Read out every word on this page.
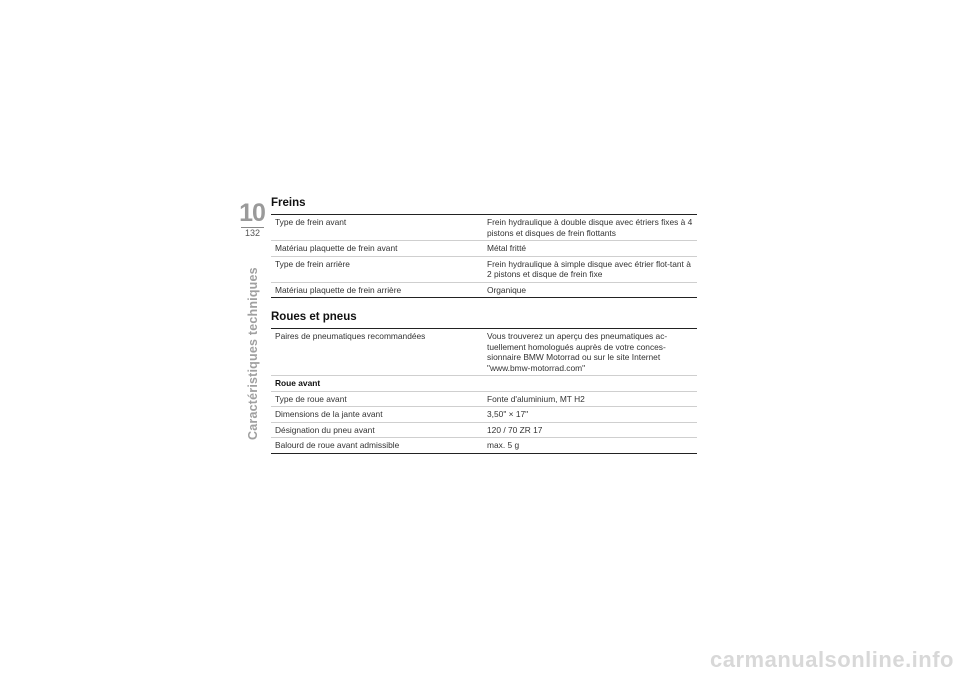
10
132
Caractéristiques techniques
Freins
Type de frein avant	Frein hydraulique à double disque avec étriers fixes à 4 pistons et disques de frein flottants
Matériau plaquette de frein avant	Métal fritté
Type de frein arrière	Frein hydraulique à simple disque avec étrier flot-tant à 2 pistons et disque de frein fixe
Matériau plaquette de frein arrière	Organique
Roues et pneus
Paires de pneumatiques recommandées	Vous trouverez un aperçu des pneumatiques ac-tuellement homologués auprès de votre conces-sionnaire BMW Motorrad ou sur le site Internet "www.bmw-motorrad.com"
Roue avant	
Type de roue avant	Fonte d'aluminium, MT H2
Dimensions de la jante avant	3,50" × 17"
Désignation du pneu avant	120 / 70 ZR 17
Balourd de roue avant admissible	max. 5 g
carmanualsonline.info
